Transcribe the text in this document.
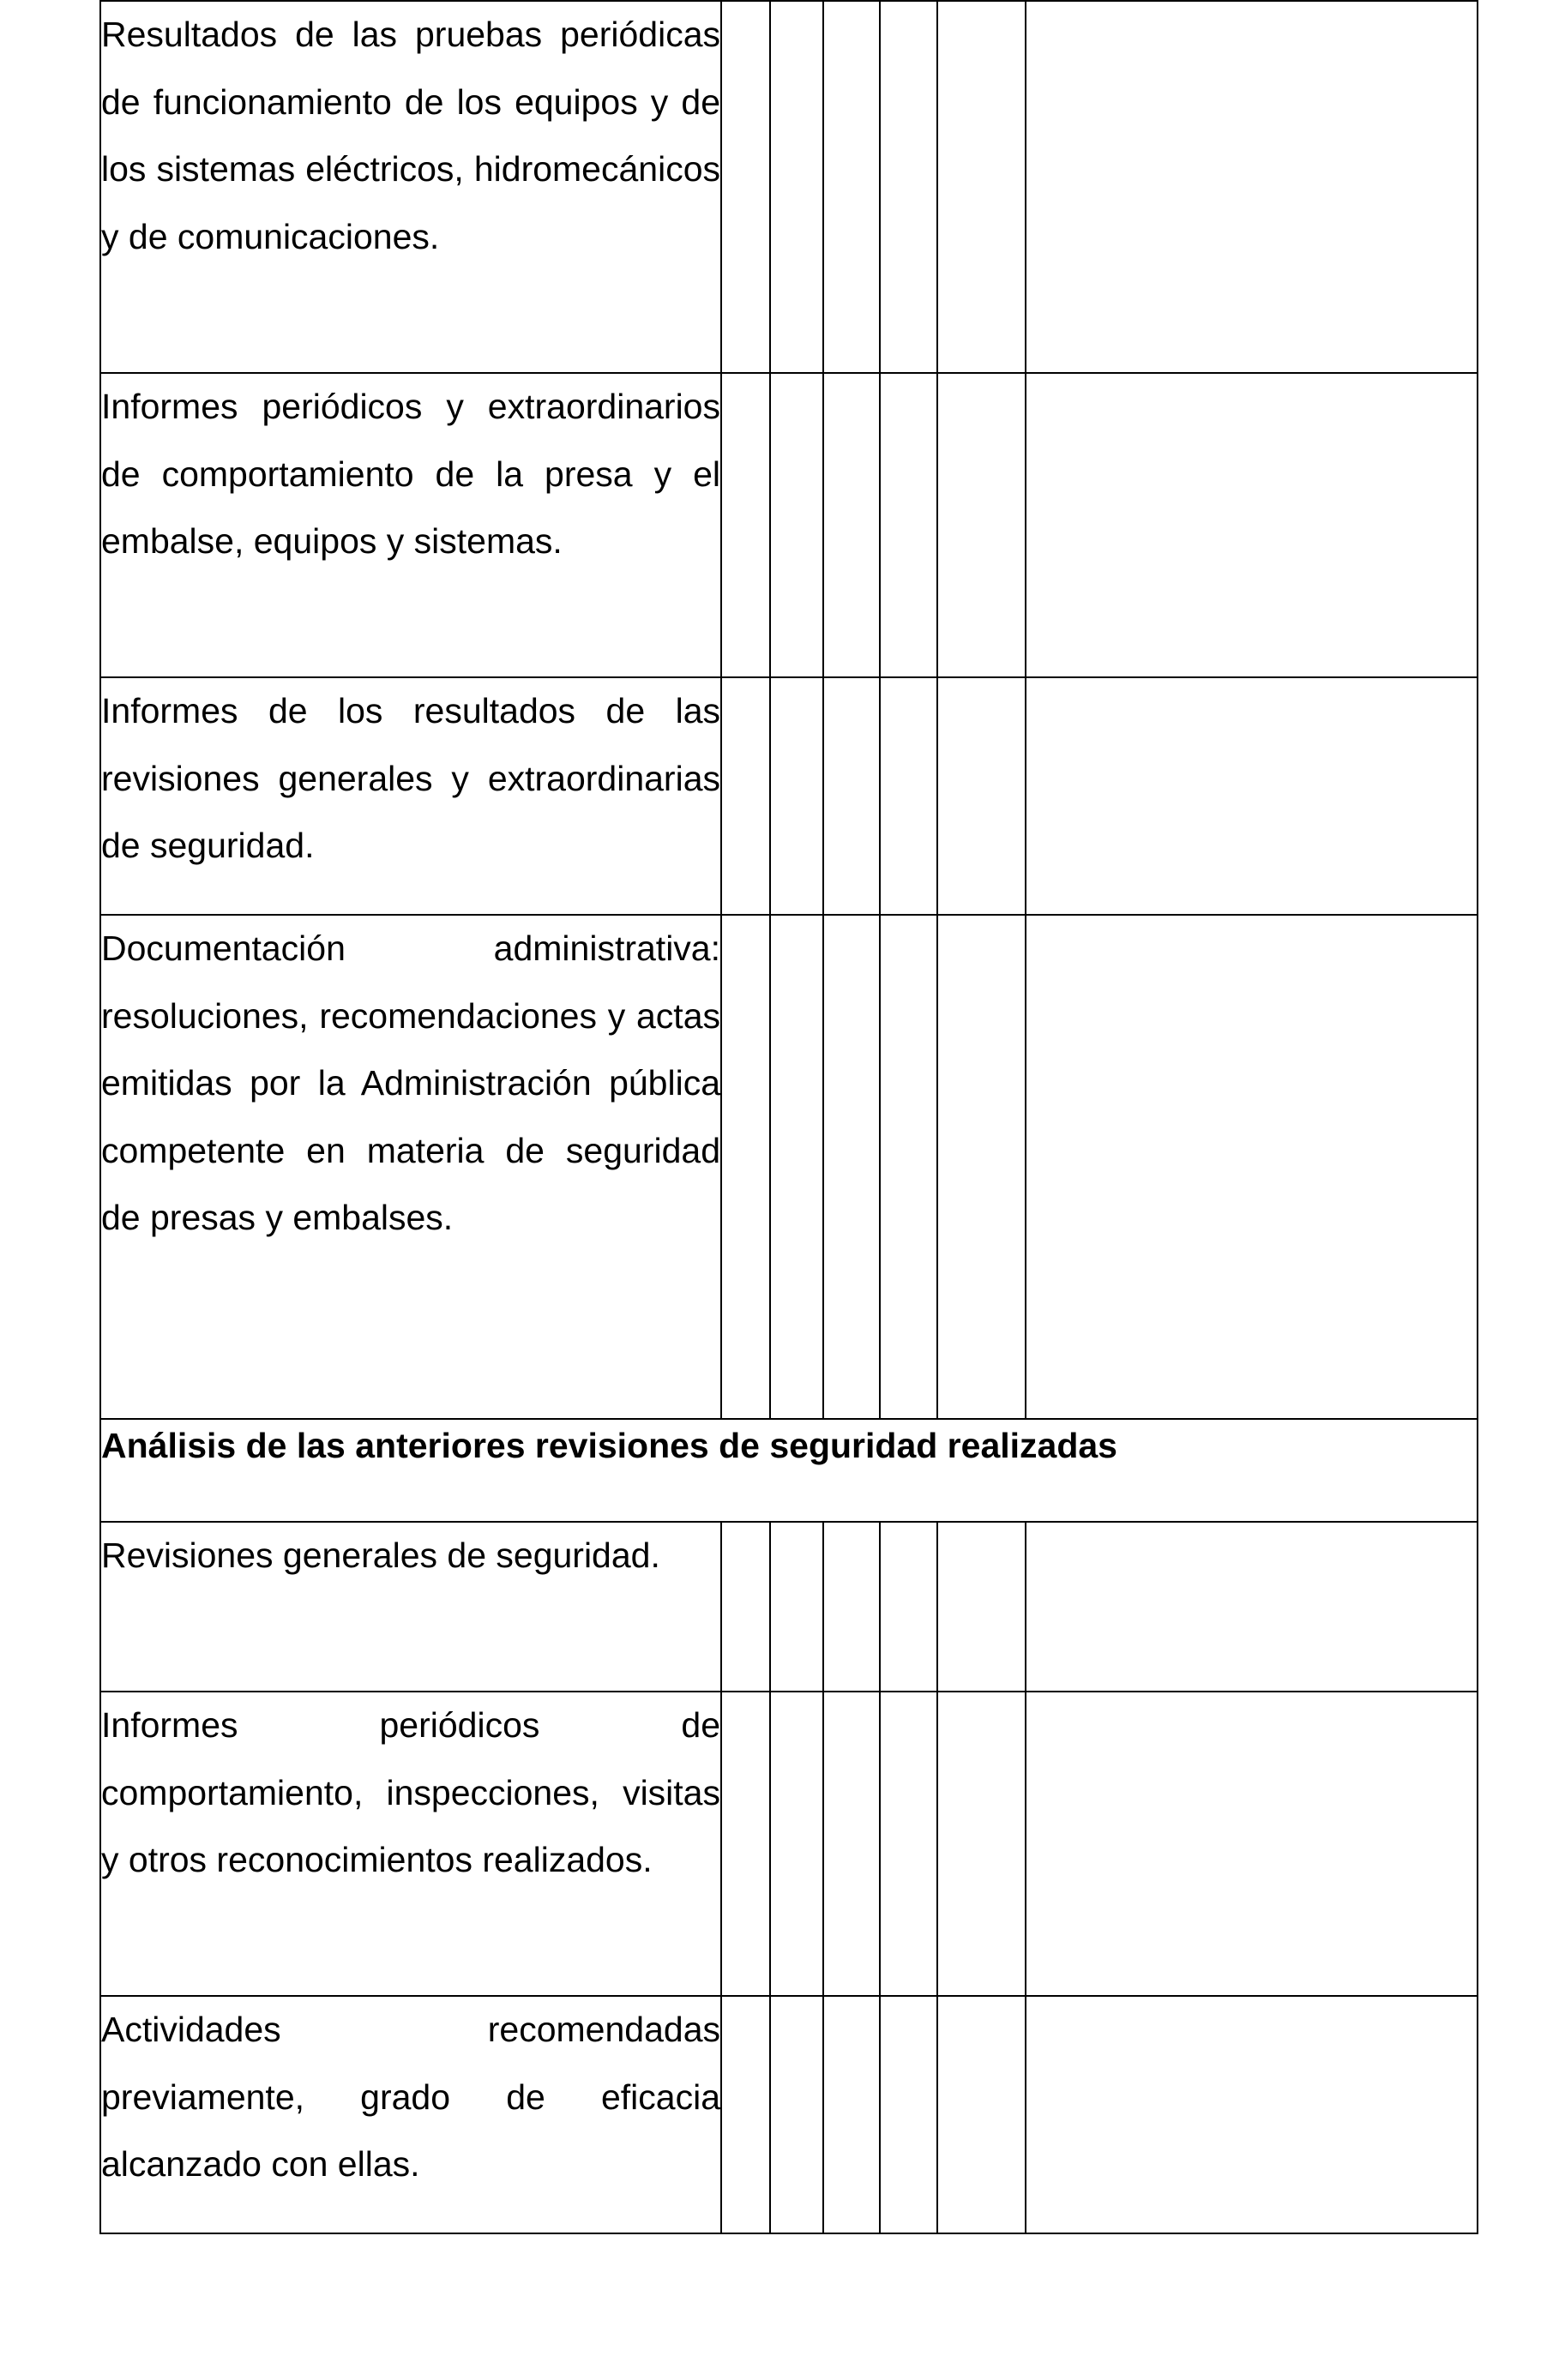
Resultados de las pruebas periódicas de funcionamiento de los equipos y de los sistemas eléctricos, hidromecánicos y de comunicaciones.						

Informes periódicos y extraordinarios de comportamiento de la presa y el embalse, equipos y sistemas.						

Informes de los resultados de las revisiones generales y extraordinarias de seguridad.						

Documentación administrativa: resoluciones, recomendaciones y actas emitidas por la Administración pública competente en materia de seguridad de presas y embalses.						

Análisis de las anteriores revisiones de seguridad realizadas						

Revisiones generales de seguridad.						

Informes periódicos de comportamiento, inspecciones, visitas y otros reconocimientos realizados.						

Actividades recomendadas previamente, grado de eficacia alcanzado con ellas.						
